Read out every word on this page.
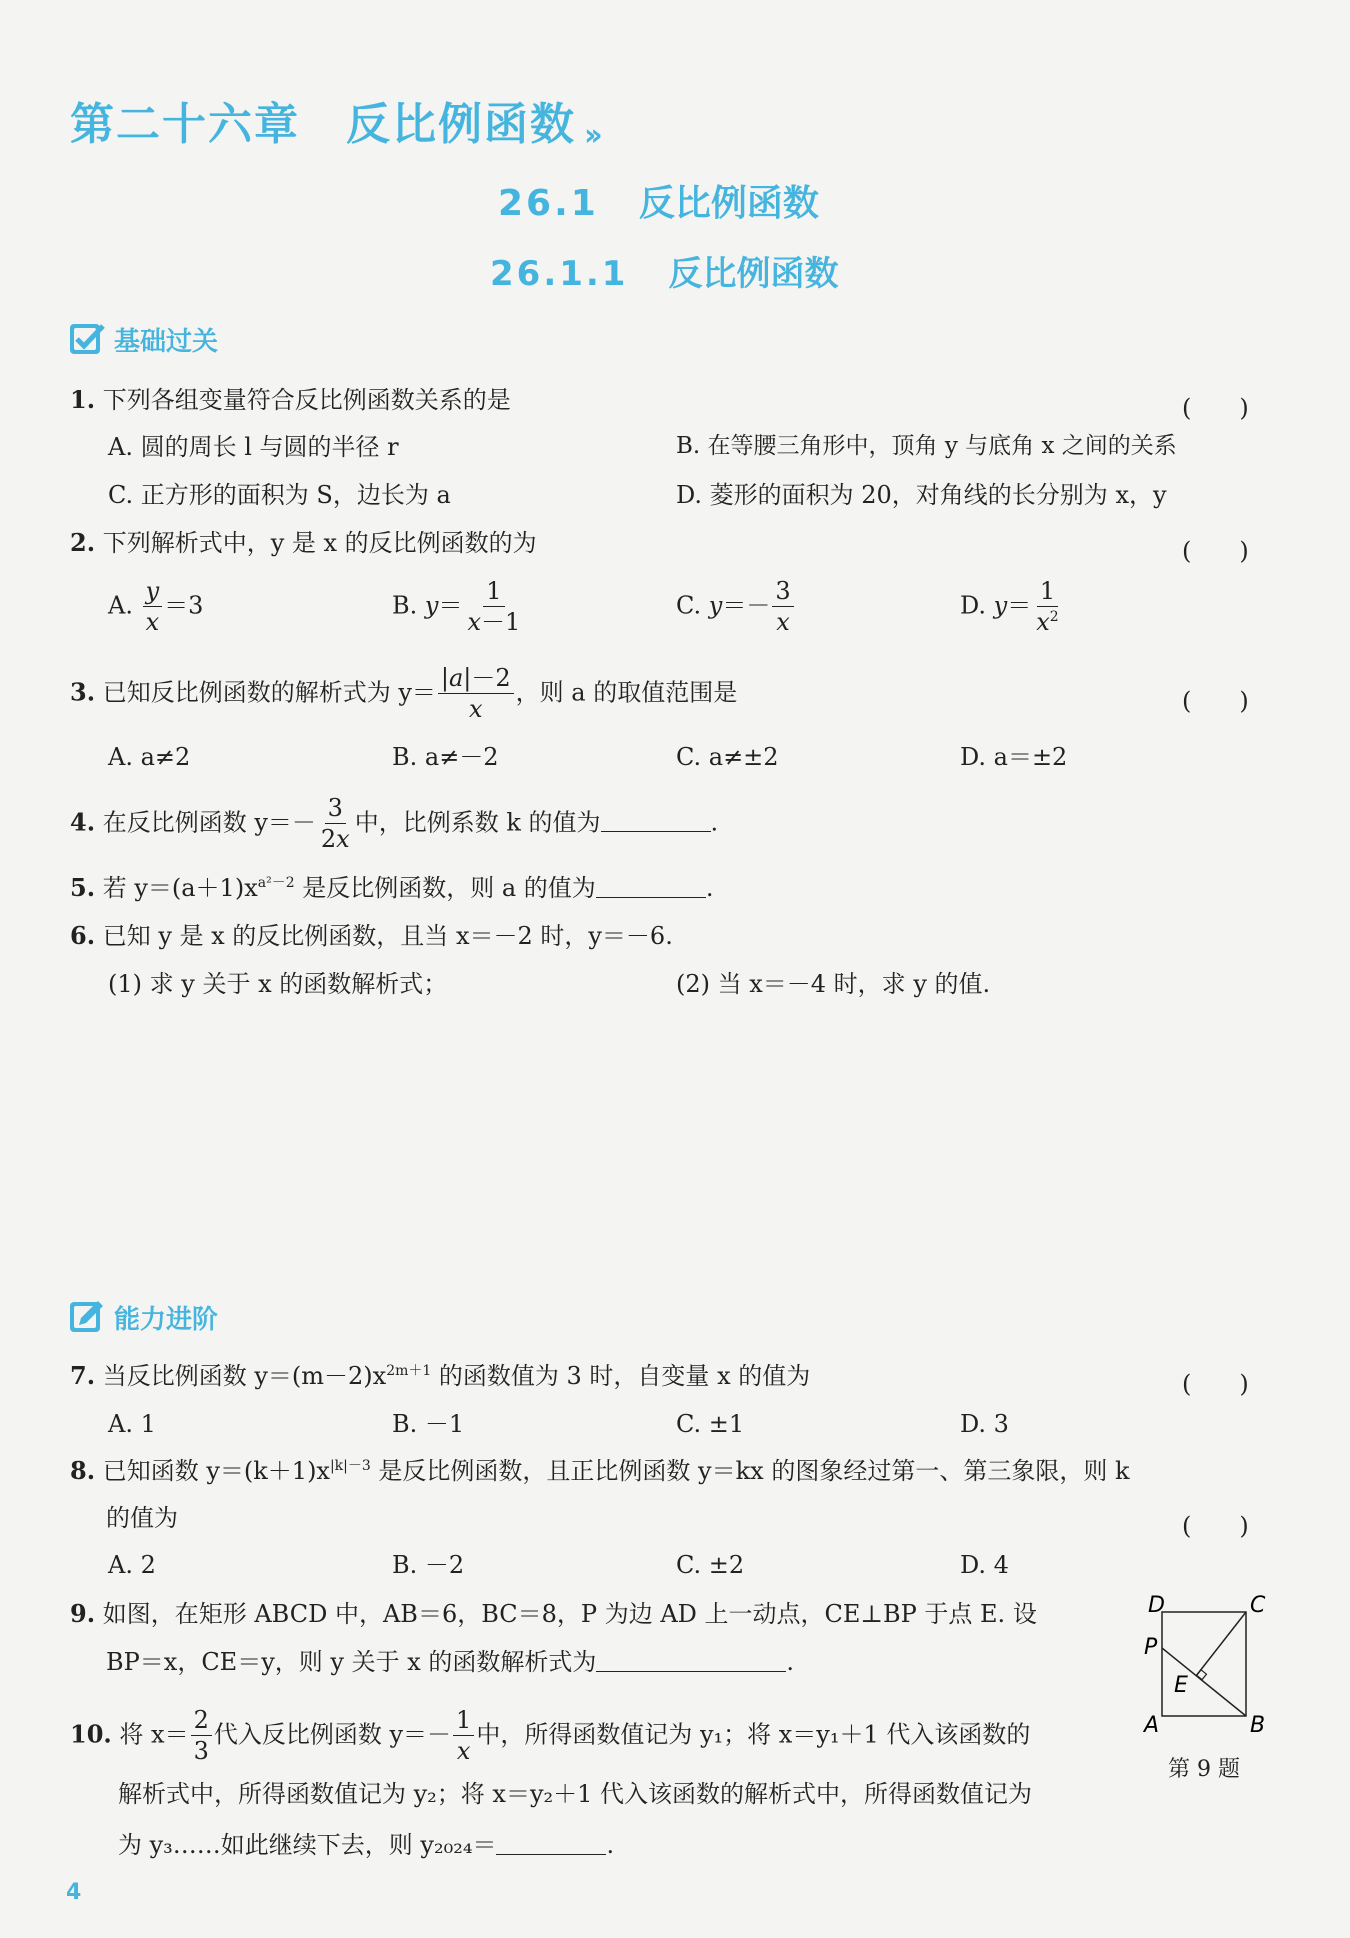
第二十六章 反比例函数 ››
26.1 反比例函数
26.1.1 反比例函数
基础过关
1. 下列各组变量符合反比例函数关系的是	(　　)
A. 圆的周长 l 与圆的半径 r	B. 在等腰三角形中，顶角 y 与底角 x 之间的关系
C. 正方形的面积为 S，边长为 a	D. 菱形的面积为 20，对角线的长分别为 x，y
2. 下列解析式中，y 是 x 的反比例函数的为	(　　)
A. $\frac{y}{x} =3$	B. $y= \frac{1}{x-1}$	C. $y=- \frac{3}{x}$	D. $y= \frac{1}{x^2}$
3. 已知反比例函数的解析式为 $y= \frac{|a|-2}{x}$ ，则 a 的取值范围是	(　　)
A. a≠2	B. a≠－2	C. a≠±2	D. a＝±2
4. 在反比例函数 $y=- \frac{3}{2x}$ 中，比例系数 k 的值为	.
5. 若 $y=(a+1)x^{a^2-2}$ 是反比例函数，则 a 的值为	.
6. 已知 y 是 x 的反比例函数，且当 x＝－2 时，y＝－6.
(1) 求 y 关于 x 的函数解析式；	(2) 当 x＝－4 时，求 y 的值.
能力进阶
7. 当反比例函数 $y=(m-2)x^{2m+1}$ 的函数值为 3 时，自变量 x 的值为	(　　)
A. 1	B. －1	C. ±1	D. 3
8. 已知函数 $y=(k+1)x^{|k|-3}$ 是反比例函数，且正比例函数 y＝kx 的图象经过第一、第三象限，则 k
的值为	(　　)
A. 2	B. －2	C. ±2	D. 4
9. 如图，在矩形 ABCD 中，AB＝6，BC＝8，P 为边 AD 上一动点，CE⊥BP 于点 E. 设
BP＝x，CE＝y，则 y 关于 x 的函数解析式为	.
D	C
P
E
A	B
第 9 题
10. 将 $x= \frac{2}{3}$ 代入反比例函数 $y=- \frac{1}{x}$ 中，所得函数值记为 y₁；将 x＝y₁＋1 代入该函数的
解析式中，所得函数值记为 y₂；将 x＝y₂＋1 代入该函数的解析式中，所得函数值记为
为 y₃……如此继续下去，则 y₂₀₂₄＝	.
4
